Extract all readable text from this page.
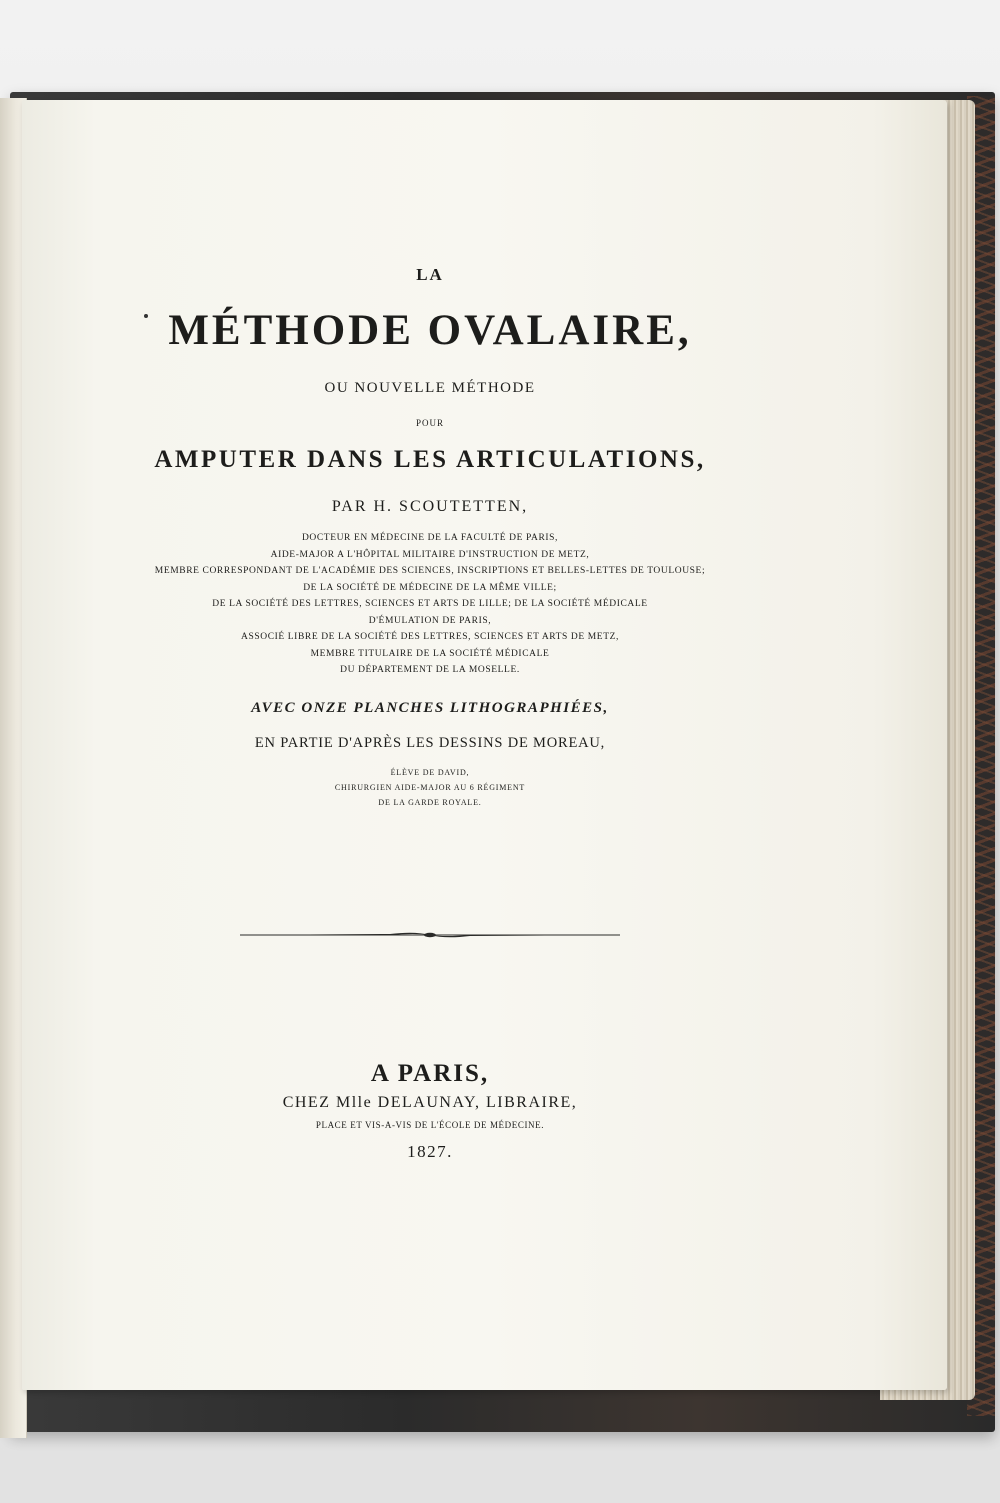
LA
MÉTHODE OVALAIRE,
OU NOUVELLE MÉTHODE
POUR
AMPUTER DANS LES ARTICULATIONS,
PAR H. SCOUTETTEN,
DOCTEUR EN MÉDECINE DE LA FACULTÉ DE PARIS,
AIDE-MAJOR A L'HÔPITAL MILITAIRE D'INSTRUCTION DE METZ,
MEMBRE CORRESPONDANT DE L'ACADÉMIE DES SCIENCES, INSCRIPTIONS ET BELLES-LETTES DE TOULOUSE;
DE LA SOCIÉTÉ DE MÉDECINE DE LA MÊME VILLE;
DE LA SOCIÉTÉ DES LETTRES, SCIENCES ET ARTS DE LILLE; DE LA SOCIÉTÉ MÉDICALE
D'ÉMULATION DE PARIS,
ASSOCIÉ LIBRE DE LA SOCIÉTÉ DES LETTRES, SCIENCES ET ARTS DE METZ,
MEMBRE TITULAIRE DE LA SOCIÉTÉ MÉDICALE
DU DÉPARTEMENT DE LA MOSELLE.
AVEC ONZE PLANCHES LITHOGRAPHIÉES,
EN PARTIE D'APRÈS LES DESSINS DE MOREAU,
ÉLÈVE DE DAVID,
CHIRURGIEN AIDE-MAJOR AU 6 RÉGIMENT
DE LA GARDE ROYALE.
A PARIS,
CHEZ Mlle DELAUNAY, LIBRAIRE,
PLACE ET VIS-A-VIS DE L'ÉCOLE DE MÉDECINE.
1827.
